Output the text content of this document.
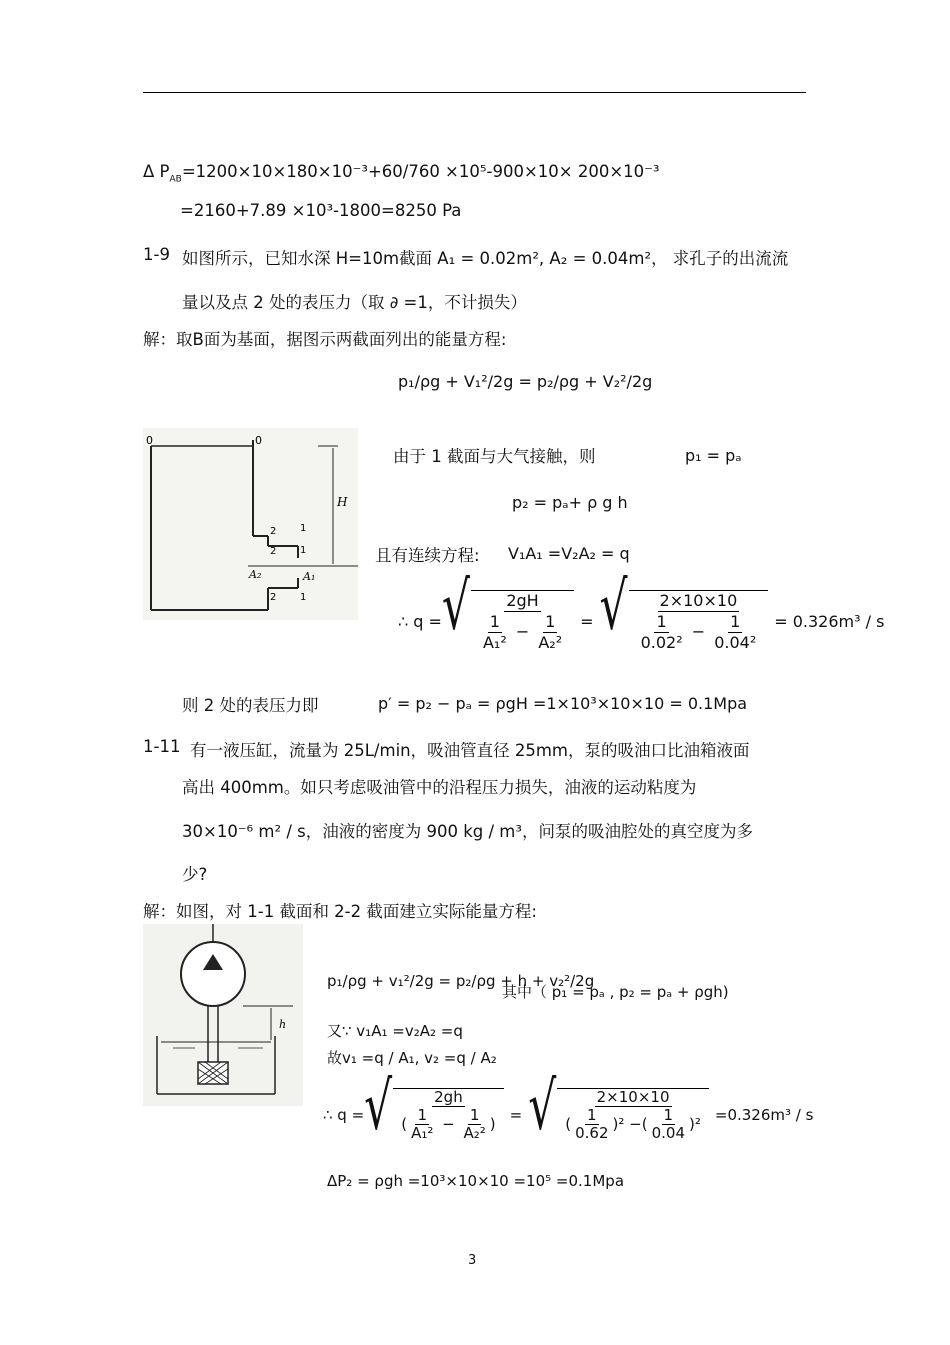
Δ $P_{AB}=1200\times 10\times 180\times 10^{-3}+60/760 \times 10^5-900\times 10\times 200\times 10^{-3}$
=2160+7.89 ×10³-1800=8250 Pa
1-9 如图所示，已知水深 H=10m截面 A₁ = 0.02m², A₂ = 0.04m²， 求孔子的出流流
量以及点 2 处的表压力（取 ∂ =1，不计损失）
解：取B面为基面，据图示两截面列出的能量方程:
p₁/ρg + V₁²/2g = p₂/ρg + V₂²/2g
0	0
H
1
1
2
2
A₂	A₁
2 1
由于 1 截面与大气接触，则	p₁ = pₐ
p₂ = pₐ+ ρ g h
且有连续方程: V₁A₁ =V₂A₂ = q
∴ q = √ $\frac{2gH}{\frac{1}{\text{A₁²}} - \frac{1}{\text{A₂²}}}$ = √ $\frac{2\times 10\times 10}{\frac{1}{\text{0.02²}} - \frac{1}{\text{0.04²}}} = 0.326m^3 / s$
则 2 处的表压力即	p′ = p₂ − pₐ = ρgH =1×10³×10×10 = 0.1Mpa
1-11 有一液压缸，流量为 25L/min，吸油管直径 25mm，泵的吸油口比油箱液面
高出 400mm。如只考虑吸油管中的沿程压力损失，油液的运动粘度为
30×10⁻⁶ m² / s，油液的密度为 900 kg / m³，问泵的吸油腔处的真空度为多
少?
解：如图，对 1-1 截面和 2-2 截面建立实际能量方程:
h
p₁/ρg + v₁²/2g = p₂/ρg + h + v₂²/2g
其中（ p₁ = pₐ , p₂ = pₐ + ρgh)
又∵ v₁A₁ =v₂A₂ =q
故v₁ =q / A₁, v₂ =q / A₂
∴ q = √ $\frac{2gh}{( \frac{1}{\text{A₁²}} - \frac{1}{\text{A₂²}} )}$ = √ $\frac{2\times 10\times 10}{( \frac{1}{0.62} )^2 -( \frac{1}{0.04} )^2} =0.326m^3 / s$
ΔP₂ = ρgh =10³×10×10 =10⁵ =0.1Mpa
3
